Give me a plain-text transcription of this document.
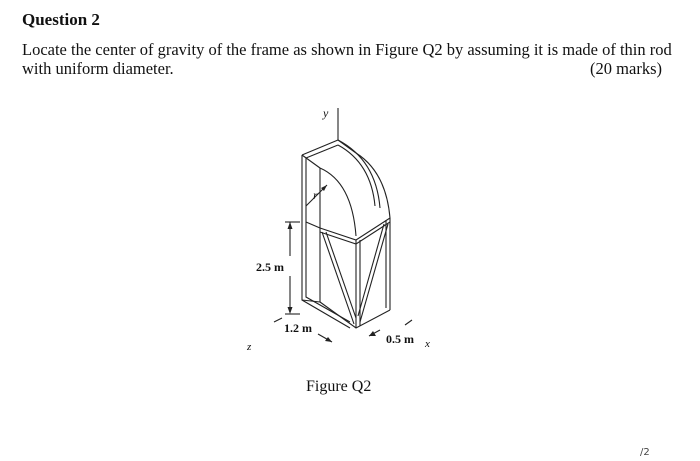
Question 2
Locate the center of gravity of the frame as shown in Figure Q2 by assuming it is made of thin rod
with uniform diameter.	(20 marks)
y
r
2.5 m
1.2 m
0.5 m x
z
Figure Q2
/2
